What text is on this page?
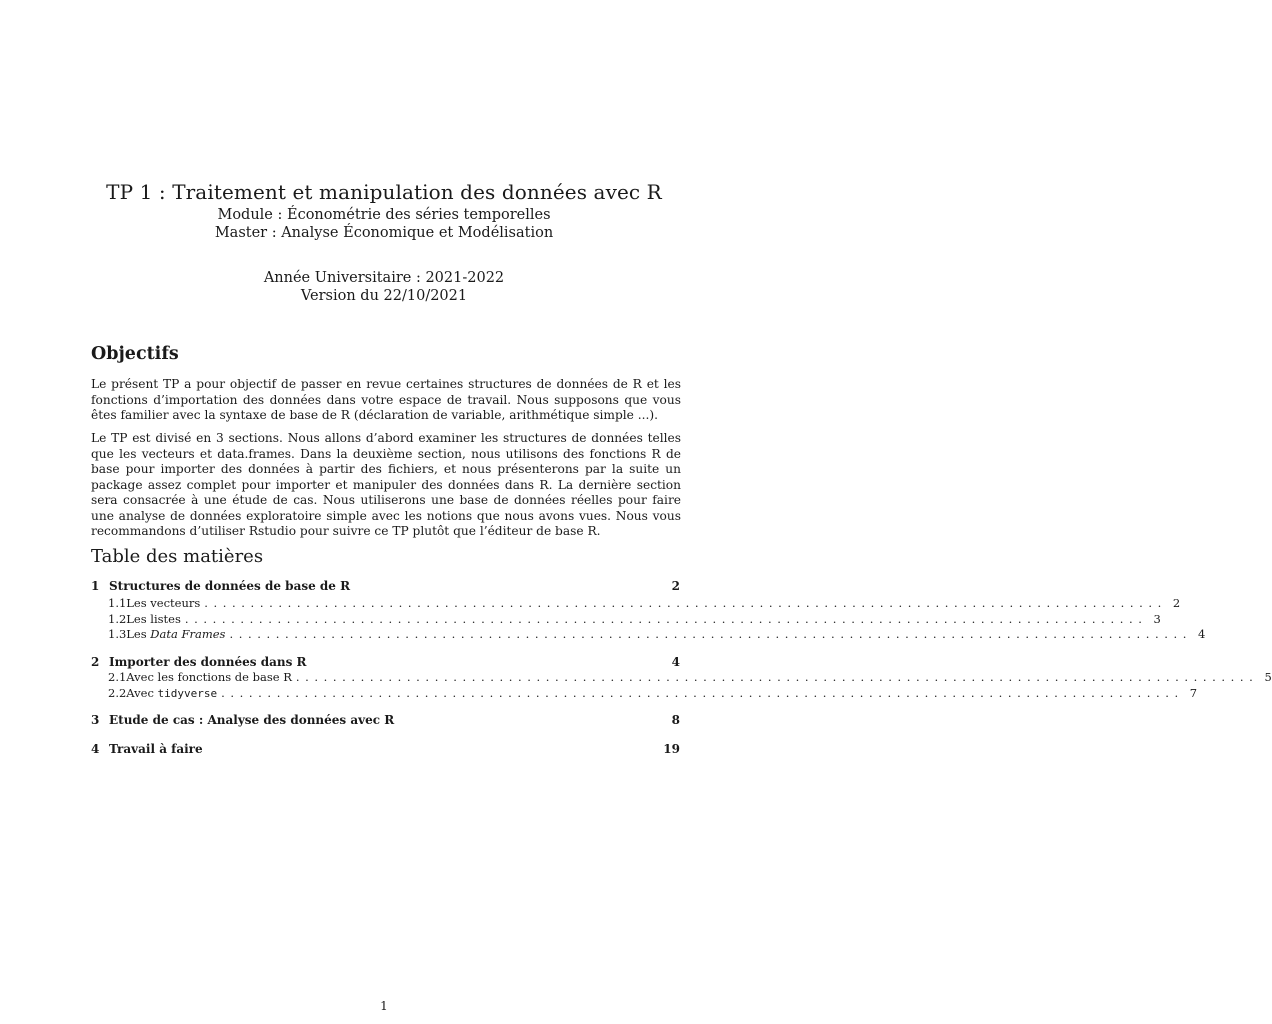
TP 1 : Traitement et manipulation des données avec R
Module : Économétrie des séries temporelles
Master : Analyse Économique et Modélisation
Année Universitaire : 2021-2022
Version du 22/10/2021
Objectifs
Le présent TP a pour objectif de passer en revue certaines structures de données de R et les fonctions d’importation des données dans votre espace de travail. Nous supposons que vous êtes familier avec la syntaxe de base de R (déclaration de variable, arithmétique simple ...).
Le TP est divisé en 3 sections. Nous allons d’abord examiner les structures de données telles que les vecteurs et data.frames. Dans la deuxième section, nous utilisons des fonctions R de base pour importer des données à partir des fichiers, et nous présenterons par la suite un package assez complet pour importer et manipuler des données dans R. La dernière section sera consacrée à une étude de cas. Nous utiliserons une base de données réelles pour faire une analyse de données exploratoire simple avec les notions que nous avons vues. Nous vous recommandons d’utiliser Rstudio pour suivre ce TP plutôt que l’éditeur de base R.
Table des matières
1 Structures de données de base de R	2
1.1 Les vecteurs ........................................................................................................ 2
1.2 Les listes ........................................................................................................ 3
1.3 Les Data Frames ........................................................................................................ 4
2 Importer des données dans R	4
2.1 Avec les fonctions de base R ........................................................................................................ 5
2.2 Avec tidyverse ........................................................................................................ 7
3 Etude de cas : Analyse des données avec R	8
4 Travail à faire	19
1
